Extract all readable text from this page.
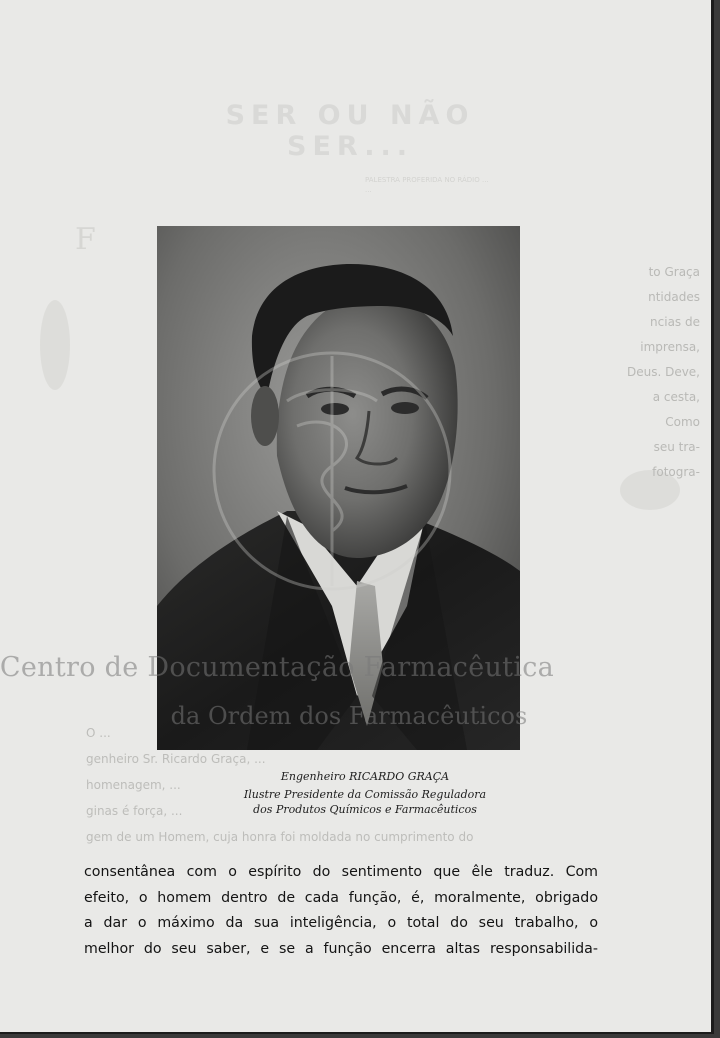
SER OU NÃO SER...
PALESTRA PROFERIDA NO RÁDIO ...
...
F
to Graça
ntidades
ncias de
imprensa,
Deus. Deve,
a cesta,
Como
seu tra-
fotogra-
O ...
genheiro Sr. Ricardo Graça, ...
homenagem, ...
ginas é força, ...
gem de um Homem, cuja honra foi moldada no cumprimento do
Engenheiro RICARDO GRAÇA
Ilustre Presidente da Comissão Reguladora
dos Produtos Químicos e Farmacêuticos
consentânea com o espírito do sentimento que êle traduz. Com
efeito, o homem dentro de cada função, é, moralmente, obrigado
a dar o máximo da sua inteligência, o total do seu trabalho, o
melhor do seu saber, e se a função encerra altas responsabilida-
Centro de Documentação Farmacêutica
da Ordem dos Farmacêuticos
